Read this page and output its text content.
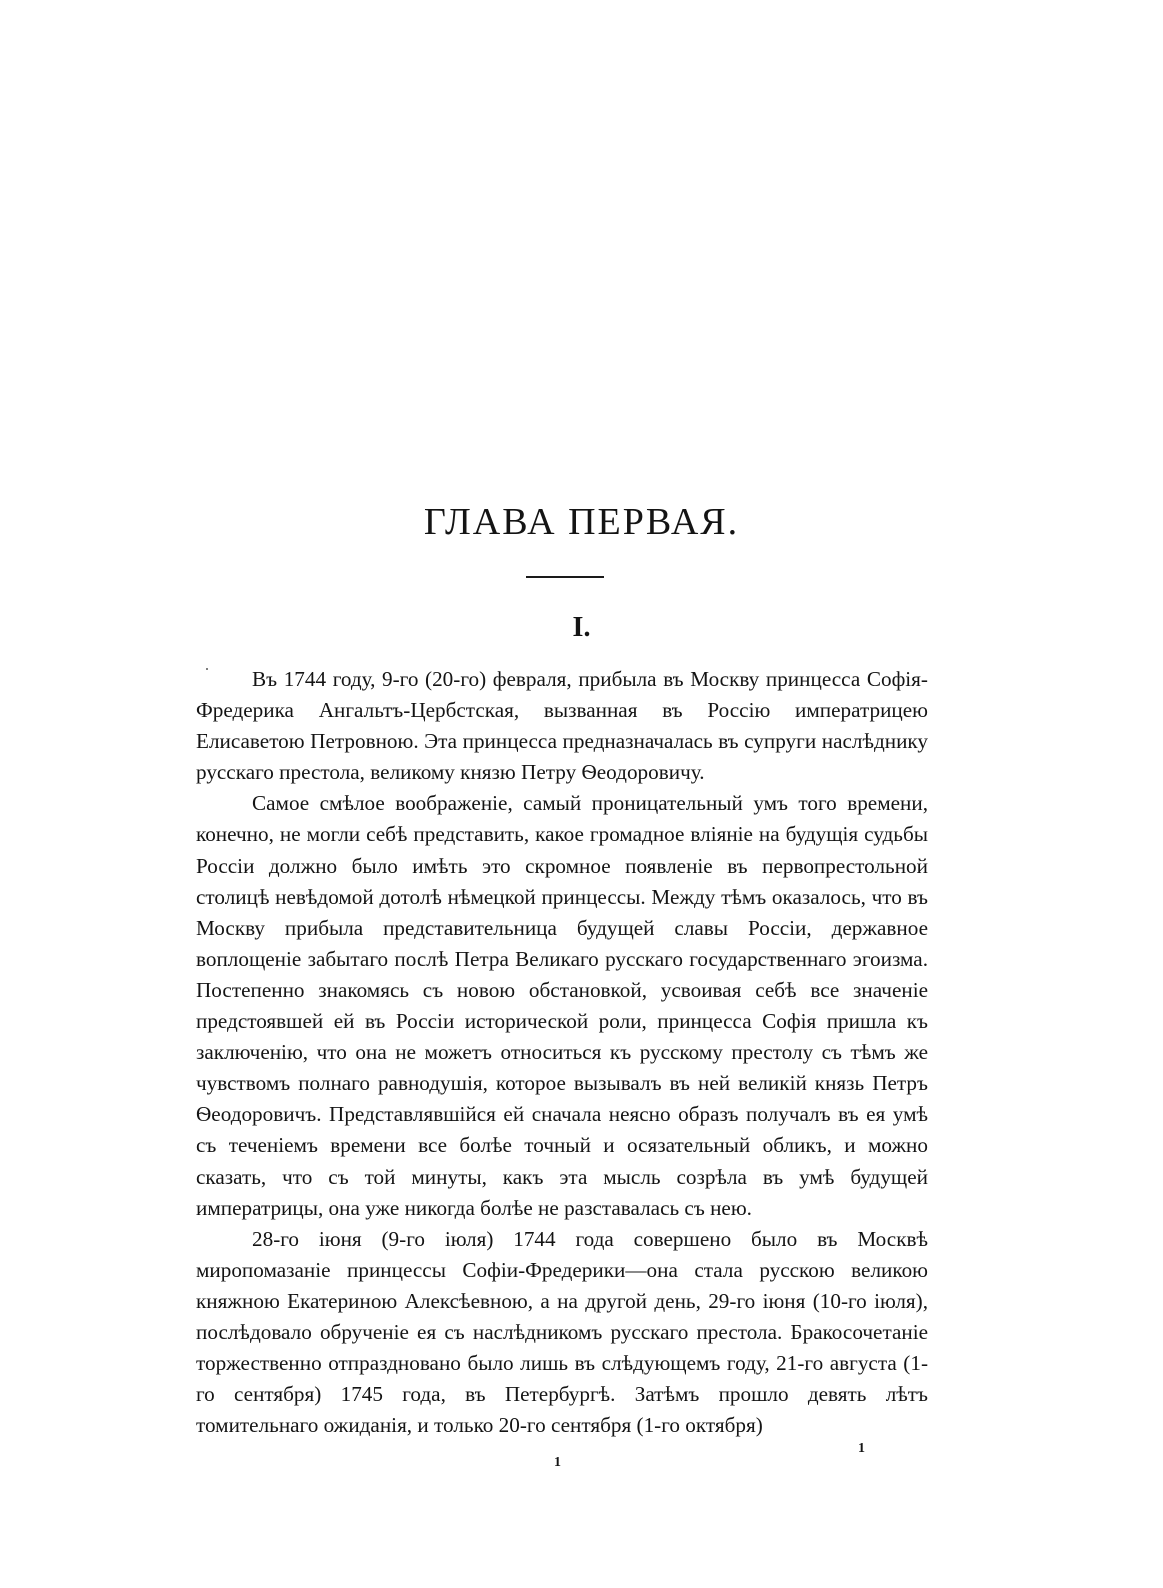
ГЛАВА ПЕРВАЯ.
I.

Въ 1744 году, 9-го (20-го) февраля, прибыла въ Москву принцесса Софія-Фредерика Ангальтъ-Цербстская, вызванная въ Россію императрицею Елисаветою Петровною. Эта принцесса предназначалась въ супруги наслѣднику русскаго престола, великому князю Петру Ѳеодоровичу.

Самое смѣлое воображеніе, самый проницательный умъ того времени, конечно, не могли себѣ представить, какое громадное вліяніе на будущія судьбы Россіи должно было имѣть это скромное появленіе въ первопрестольной столицѣ невѣдомой дотолѣ нѣмецкой принцессы. Между тѣмъ оказалось, что въ Москву прибыла представительница будущей славы Россіи, державное воплощеніе забытаго послѣ Петра Великаго русскаго государственнаго эгоизма. Постепенно знакомясь съ новою обстановкой, усвоивая себѣ все значеніе предстоявшей ей въ Россіи исторической роли, принцесса Софія пришла къ заключенію, что она не можетъ относиться къ русскому престолу съ тѣмъ же чувствомъ полнаго равнодушія, которое вызывалъ въ ней великій князь Петръ Ѳеодоровичъ. Представлявшійся ей сначала неясно образъ получалъ въ ея умѣ съ теченіемъ времени все болѣе точный и осязательный обликъ, и можно сказать, что съ той минуты, какъ эта мысль созрѣла въ умѣ будущей императрицы, она уже никогда болѣе не разставалась съ нею.

28-го іюня (9-го іюля) 1744 года совершено было въ Москвѣ миропомазаніе принцессы Софіи-Фредерики—она стала русскою великою княжною Екатериною Алексѣевною, а на другой день, 29-го іюня (10-го іюля), послѣдовало обрученіе ея съ наслѣдникомъ русскаго престола. Бракосочетаніе торжественно отпраздновано было лишь въ слѣдующемъ году, 21-го августа (1-го сентября) 1745 года, въ Петербургѣ. Затѣмъ прошло девять лѣтъ томительнаго ожиданія, и только 20-го сентября (1-го октября)

1
1
